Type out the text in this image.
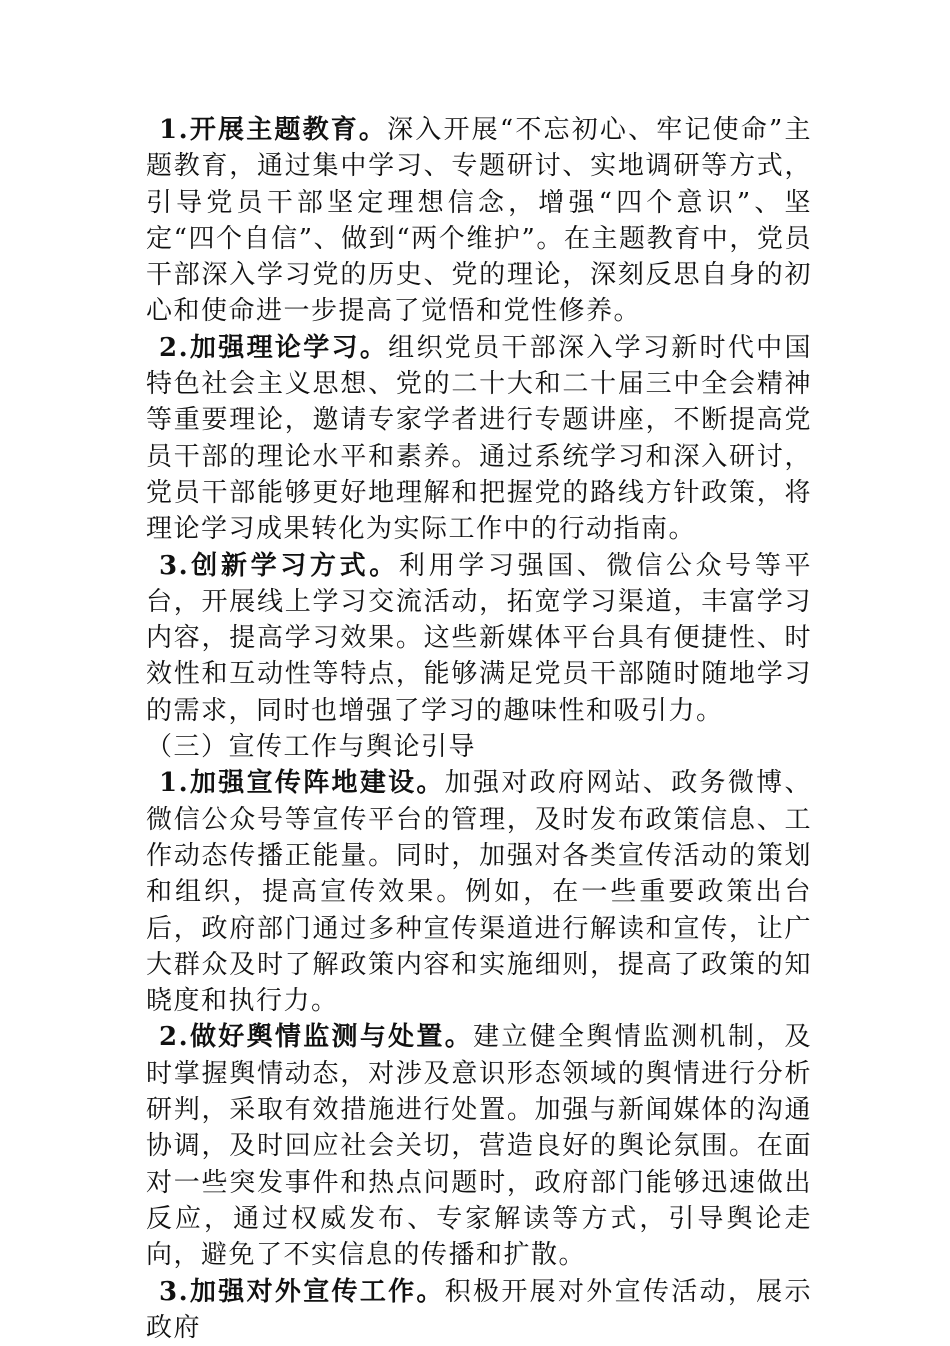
1.开展主题教育。深入开展“不忘初心、牢记使命”主题教育，通过集中学习、专题研讨、实地调研等方式，引导党员干部坚定理想信念，增强“四个意识”、坚定“四个自信”、做到“两个维护”。在主题教育中，党员干部深入学习党的历史、党的理论，深刻反思自身的初心和使命进一步提高了觉悟和党性修养。

2.加强理论学习。组织党员干部深入学习新时代中国特色社会主义思想、党的二十大和二十届三中全会精神等重要理论，邀请专家学者进行专题讲座，不断提高党员干部的理论水平和素养。通过系统学习和深入研讨，党员干部能够更好地理解和把握党的路线方针政策，将理论学习成果转化为实际工作中的行动指南。

3.创新学习方式。利用学习强国、微信公众号等平台，开展线上学习交流活动，拓宽学习渠道，丰富学习内容，提高学习效果。这些新媒体平台具有便捷性、时效性和互动性等特点，能够满足党员干部随时随地学习的需求，同时也增强了学习的趣味性和吸引力。

（三）宣传工作与舆论引导

1.加强宣传阵地建设。加强对政府网站、政务微博、微信公众号等宣传平台的管理，及时发布政策信息、工作动态传播正能量。同时，加强对各类宣传活动的策划和组织，提高宣传效果。例如，在一些重要政策出台后，政府部门通过多种宣传渠道进行解读和宣传，让广大群众及时了解政策内容和实施细则，提高了政策的知晓度和执行力。

2.做好舆情监测与处置。建立健全舆情监测机制，及时掌握舆情动态，对涉及意识形态领域的舆情进行分析研判，采取有效措施进行处置。加强与新闻媒体的沟通协调，及时回应社会关切，营造良好的舆论氛围。在面对一些突发事件和热点问题时，政府部门能够迅速做出反应，通过权威发布、专家解读等方式，引导舆论走向，避免了不实信息的传播和扩散。

3.加强对外宣传工作。积极开展对外宣传活动，展示政府
